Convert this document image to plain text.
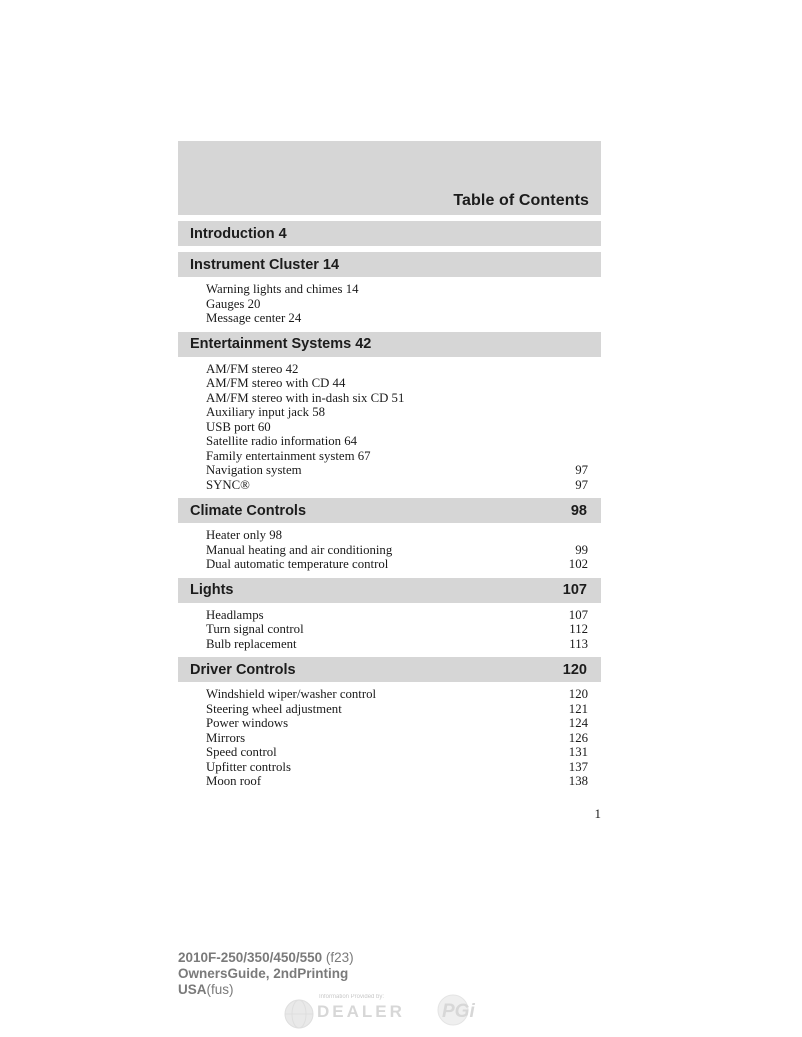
Table of Contents
Introduction 4
Instrument Cluster 14
Warning lights and chimes 14
Gauges 20
Message center 24
Entertainment Systems 42
AM/FM stereo 42
AM/FM stereo with CD 44
AM/FM stereo with in-dash six CD 51
Auxiliary input jack 58
USB port 60
Satellite radio information 64
Family entertainment system 67
Navigation system	97
SYNC®	97
Climate Controls	98
Heater only 98
Manual heating and air conditioning	99
Dual automatic temperature control	102
Lights	107
Headlamps	107
Turn signal control	112
Bulb replacement	113
Driver Controls	120
Windshield wiper/washer control	120
Steering wheel adjustment	121
Power windows	124
Mirrors	126
Speed control	131
Upfitter controls	137
Moon roof	138
1
2010F-250/350/450/550 (f23)
OwnersGuide, 2ndPrinting
USA(fus)	Information Provided by:
DEALER PGi
